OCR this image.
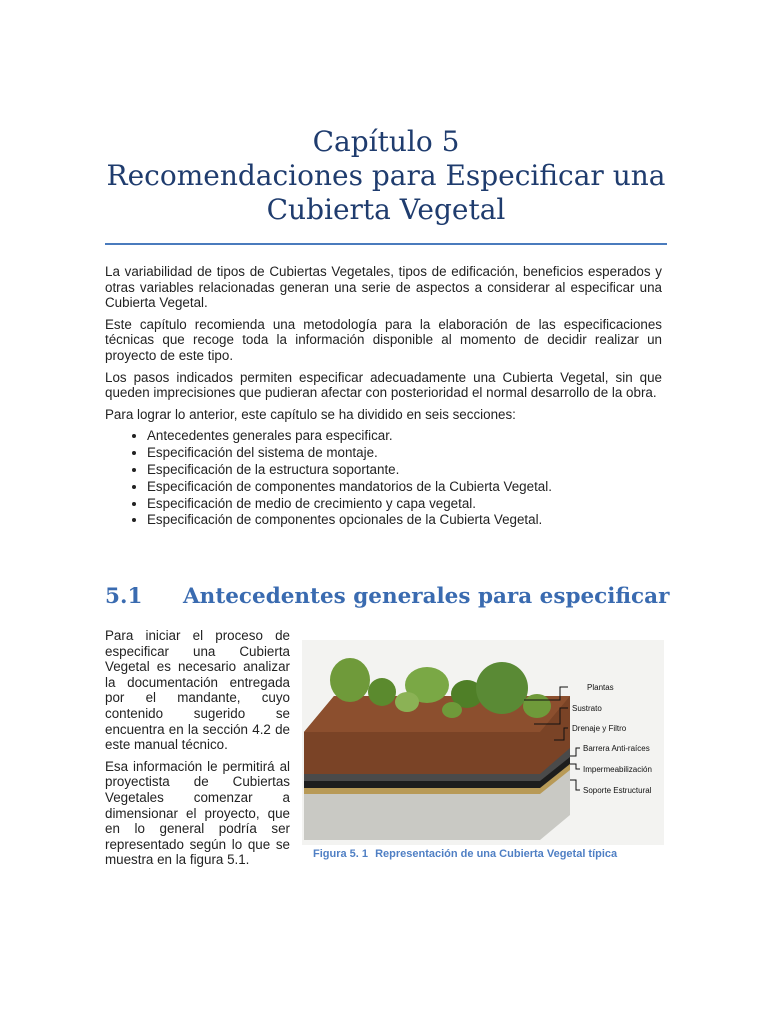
Capítulo 5
Recomendaciones para Especificar una
Cubierta Vegetal

La variabilidad de tipos de Cubiertas Vegetales, tipos de edificación, beneficios esperados y otras variables relacionadas generan una serie de aspectos a considerar al especificar una Cubierta Vegetal.

Este capítulo recomienda una metodología para la elaboración de las especificaciones técnicas que recoge toda la información disponible al momento de decidir realizar un proyecto de este tipo.

Los pasos indicados permiten especificar adecuadamente una Cubierta Vegetal, sin que queden imprecisiones que pudieran afectar con posterioridad el normal desarrollo de la obra.

Para lograr lo anterior, este capítulo se ha dividido en seis secciones:

• Antecedentes generales para especificar.
• Especificación del sistema de montaje.
• Especificación de la estructura soportante.
• Especificación de componentes mandatorios de la Cubierta Vegetal.
• Especificación de medio de crecimiento y capa vegetal.
• Especificación de componentes opcionales de la Cubierta Vegetal.
5.1 Antecedentes generales para especificar

Para iniciar el proceso de especificar una Cubierta Vegetal es necesario analizar la documentación entregada por el mandante, cuyo contenido sugerido se encuentra en la sección 4.2 de este manual técnico.

Esa información le permitirá al proyectista de Cubiertas Vegetales comenzar a dimensionar el proyecto, que en lo general podría ser representado según lo que se muestra en la figura 5.1.

Plantas
Sustrato
Drenaje y Filtro
Barrera Anti-raíces
Impermeabilización
Soporte Estructural
Figura 5. 1 Representación de una Cubierta Vegetal típica
